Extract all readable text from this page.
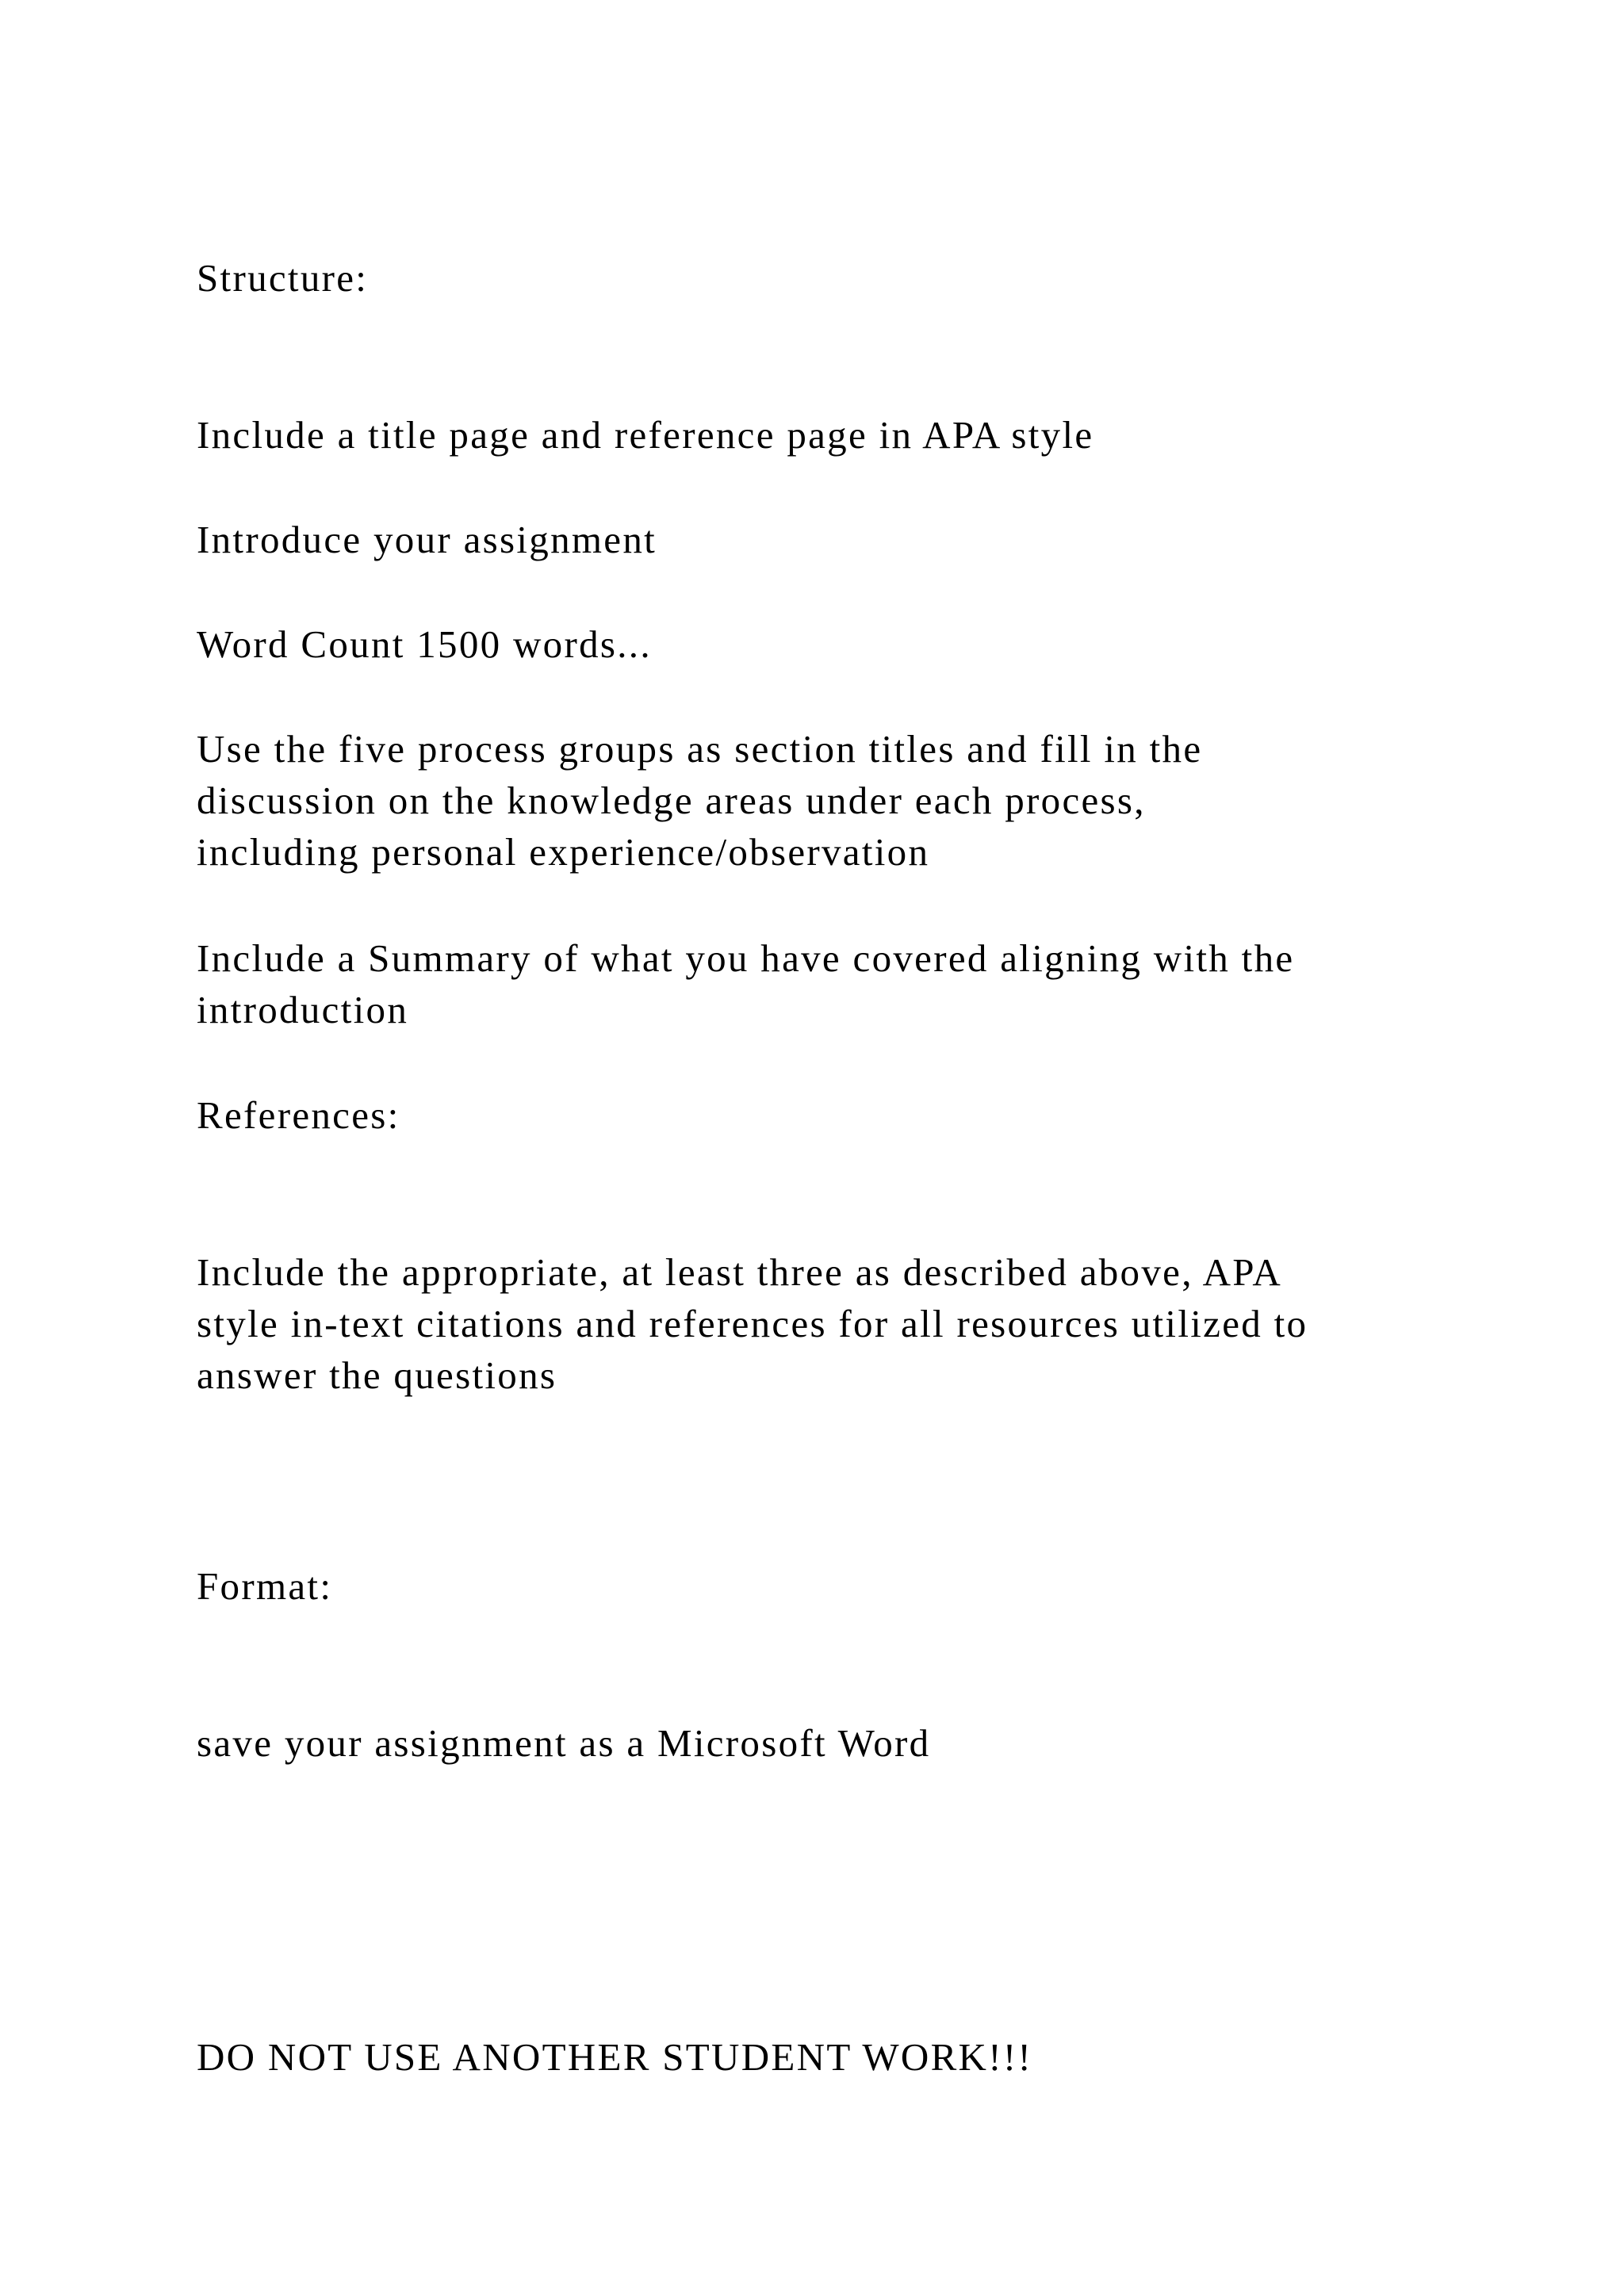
Structure:

Include a title page and reference page in APA style

Introduce your assignment

Word Count 1500 words...

Use the five process groups as section titles and fill in the
discussion on the knowledge areas under each process,
including personal experience/observation

Include a Summary of what you have covered aligning with the
introduction

References:

Include the appropriate, at least three as described above, APA
style in-text citations and references for all resources utilized to
answer the questions

Format:

save your assignment as a Microsoft Word

DO NOT USE ANOTHER STUDENT WORK!!!
